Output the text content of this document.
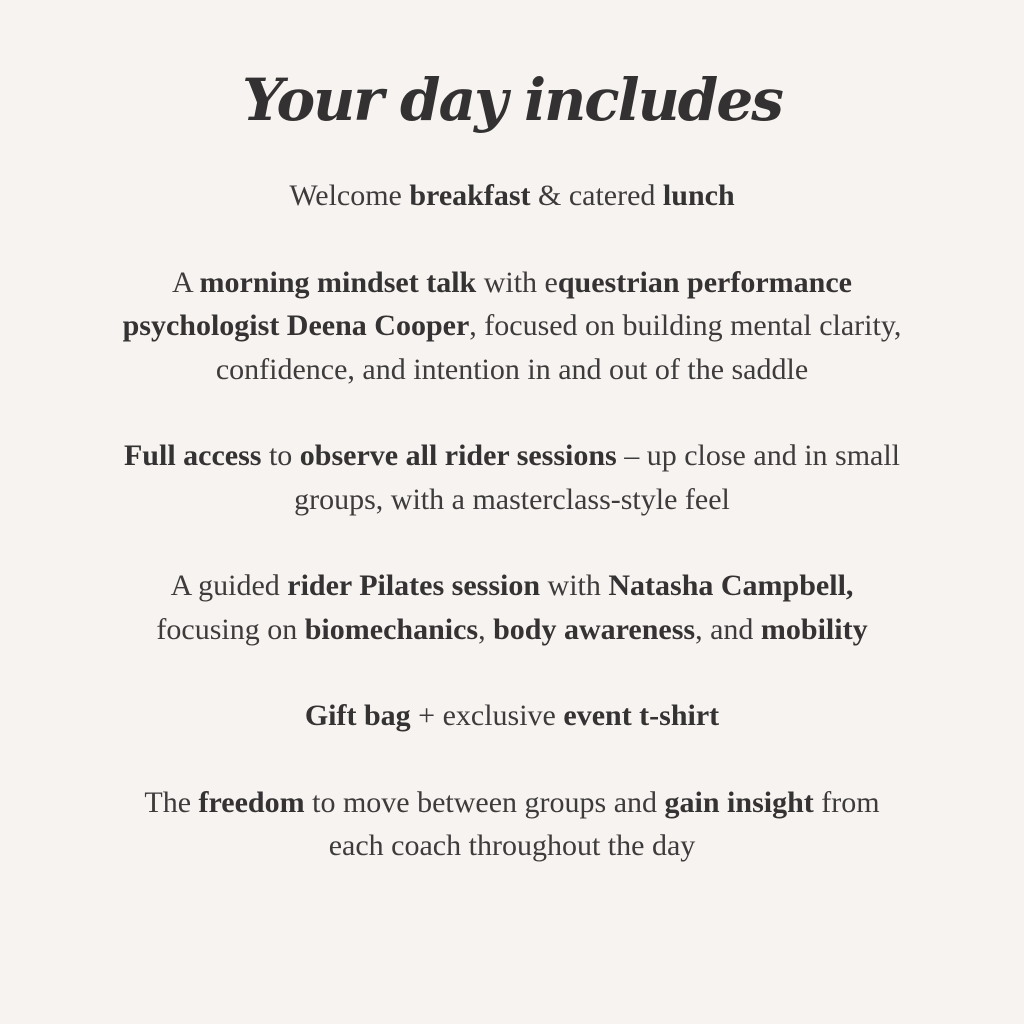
Your day includes

Welcome breakfast & catered lunch

A morning mindset talk with equestrian performance psychologist Deena Cooper, focused on building mental clarity, confidence, and intention in and out of the saddle

Full access to observe all rider sessions – up close and in small groups, with a masterclass-style feel

A guided rider Pilates session with Natasha Campbell, focusing on biomechanics, body awareness, and mobility

Gift bag + exclusive event t-shirt

The freedom to move between groups and gain insight from each coach throughout the day
